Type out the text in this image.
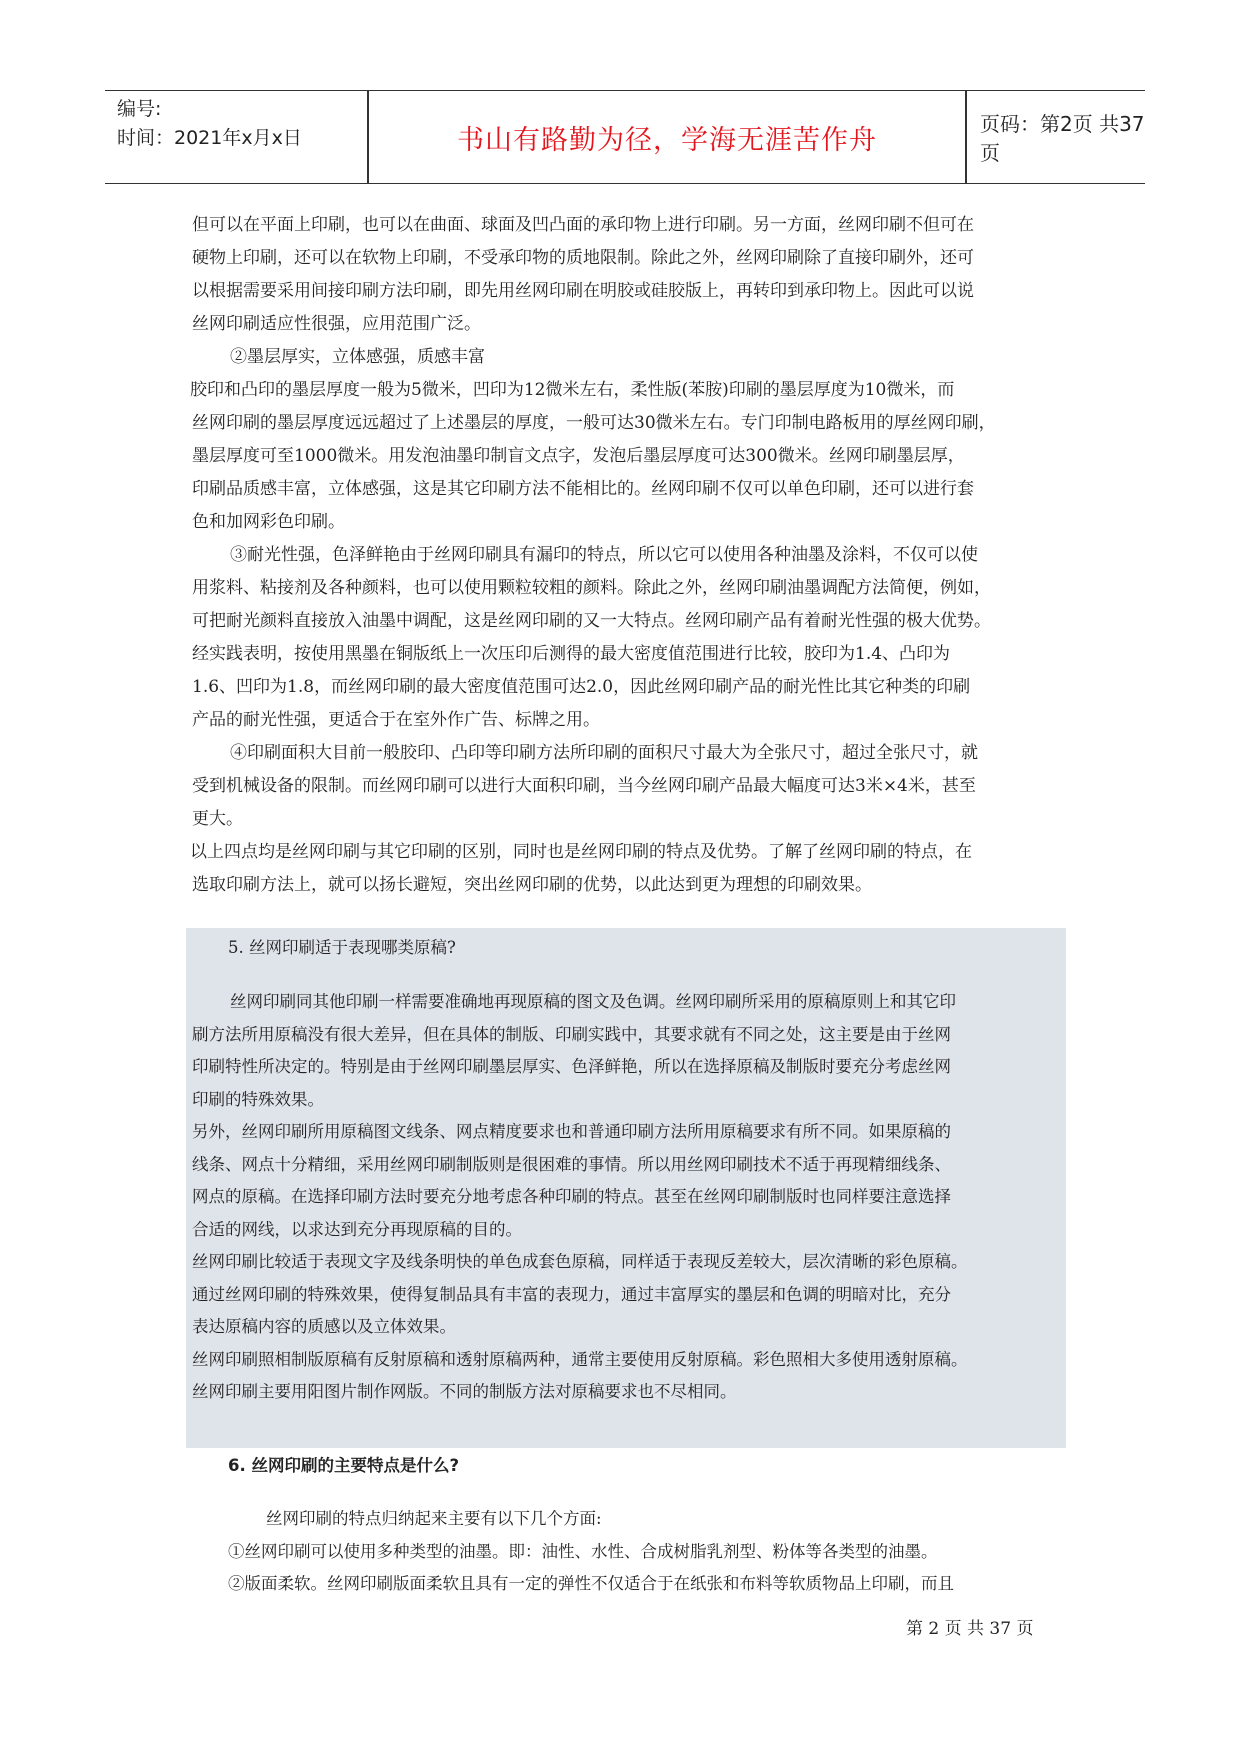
编号:
时间：2021年x月x日	书山有路勤为径，学海无涯苦作舟
页码：第2页 共37页

但可以在平面上印刷，也可以在曲面、球面及凹凸面的承印物上进行印刷。另一方面，丝网印刷不但可在

硬物上印刷，还可以在软物上印刷，不受承印物的质地限制。除此之外，丝网印刷除了直接印刷外，还可

以根据需要采用间接印刷方法印刷，即先用丝网印刷在明胶或硅胶版上，再转印到承印物上。因此可以说

丝网印刷适应性很强，应用范围广泛。

②墨层厚实，立体感强，质感丰富

胶印和凸印的墨层厚度一般为5微米，凹印为12微米左右，柔性版(苯胺)印刷的墨层厚度为10微米，而

丝网印刷的墨层厚度远远超过了上述墨层的厚度，一般可达30微米左右。专门印制电路板用的厚丝网印刷，

墨层厚度可至1000微米。用发泡油墨印制盲文点字，发泡后墨层厚度可达300微米。丝网印刷墨层厚，

印刷品质感丰富，立体感强，这是其它印刷方法不能相比的。丝网印刷不仅可以单色印刷，还可以进行套

色和加网彩色印刷。

③耐光性强，色泽鲜艳由于丝网印刷具有漏印的特点，所以它可以使用各种油墨及涂料，不仅可以使

用浆料、粘接剂及各种颜料，也可以使用颗粒较粗的颜料。除此之外，丝网印刷油墨调配方法简便，例如，

可把耐光颜料直接放入油墨中调配，这是丝网印刷的又一大特点。丝网印刷产品有着耐光性强的极大优势。

经实践表明，按使用黑墨在铜版纸上一次压印后测得的最大密度值范围进行比较，胶印为1.4、凸印为

1.6、凹印为1.8，而丝网印刷的最大密度值范围可达2.0，因此丝网印刷产品的耐光性比其它种类的印刷

产品的耐光性强，更适合于在室外作广告、标牌之用。

④印刷面积大目前一般胶印、凸印等印刷方法所印刷的面积尺寸最大为全张尺寸，超过全张尺寸，就

受到机械设备的限制。而丝网印刷可以进行大面积印刷，当今丝网印刷产品最大幅度可达3米×4米，甚至

更大。

以上四点均是丝网印刷与其它印刷的区别，同时也是丝网印刷的特点及优势。了解了丝网印刷的特点，在

选取印刷方法上，就可以扬长避短，突出丝网印刷的优势，以此达到更为理想的印刷效果。

5. 丝网印刷适于表现哪类原稿?

丝网印刷同其他印刷一样需要准确地再现原稿的图文及色调。丝网印刷所采用的原稿原则上和其它印

刷方法所用原稿没有很大差异，但在具体的制版、印刷实践中，其要求就有不同之处，这主要是由于丝网

印刷特性所决定的。特别是由于丝网印刷墨层厚实、色泽鲜艳，所以在选择原稿及制版时要充分考虑丝网

印刷的特殊效果。

另外，丝网印刷所用原稿图文线条、网点精度要求也和普通印刷方法所用原稿要求有所不同。如果原稿的

线条、网点十分精细，采用丝网印刷制版则是很困难的事情。所以用丝网印刷技术不适于再现精细线条、

网点的原稿。在选择印刷方法时要充分地考虑各种印刷的特点。甚至在丝网印刷制版时也同样要注意选择

合适的网线，以求达到充分再现原稿的目的。

丝网印刷比较适于表现文字及线条明快的单色成套色原稿，同样适于表现反差较大，层次清晰的彩色原稿。

通过丝网印刷的特殊效果，使得复制品具有丰富的表现力，通过丰富厚实的墨层和色调的明暗对比，充分

表达原稿内容的质感以及立体效果。

丝网印刷照相制版原稿有反射原稿和透射原稿两种，通常主要使用反射原稿。彩色照相大多使用透射原稿。

丝网印刷主要用阳图片制作网版。不同的制版方法对原稿要求也不尽相同。

6. 丝网印刷的主要特点是什么?

丝网印刷的特点归纳起来主要有以下几个方面:

①丝网印刷可以使用多种类型的油墨。即：油性、水性、合成树脂乳剂型、粉体等各类型的油墨。

②版面柔软。丝网印刷版面柔软且具有一定的弹性不仅适合于在纸张和布料等软质物品上印刷，而且

第 2 页 共 37 页
